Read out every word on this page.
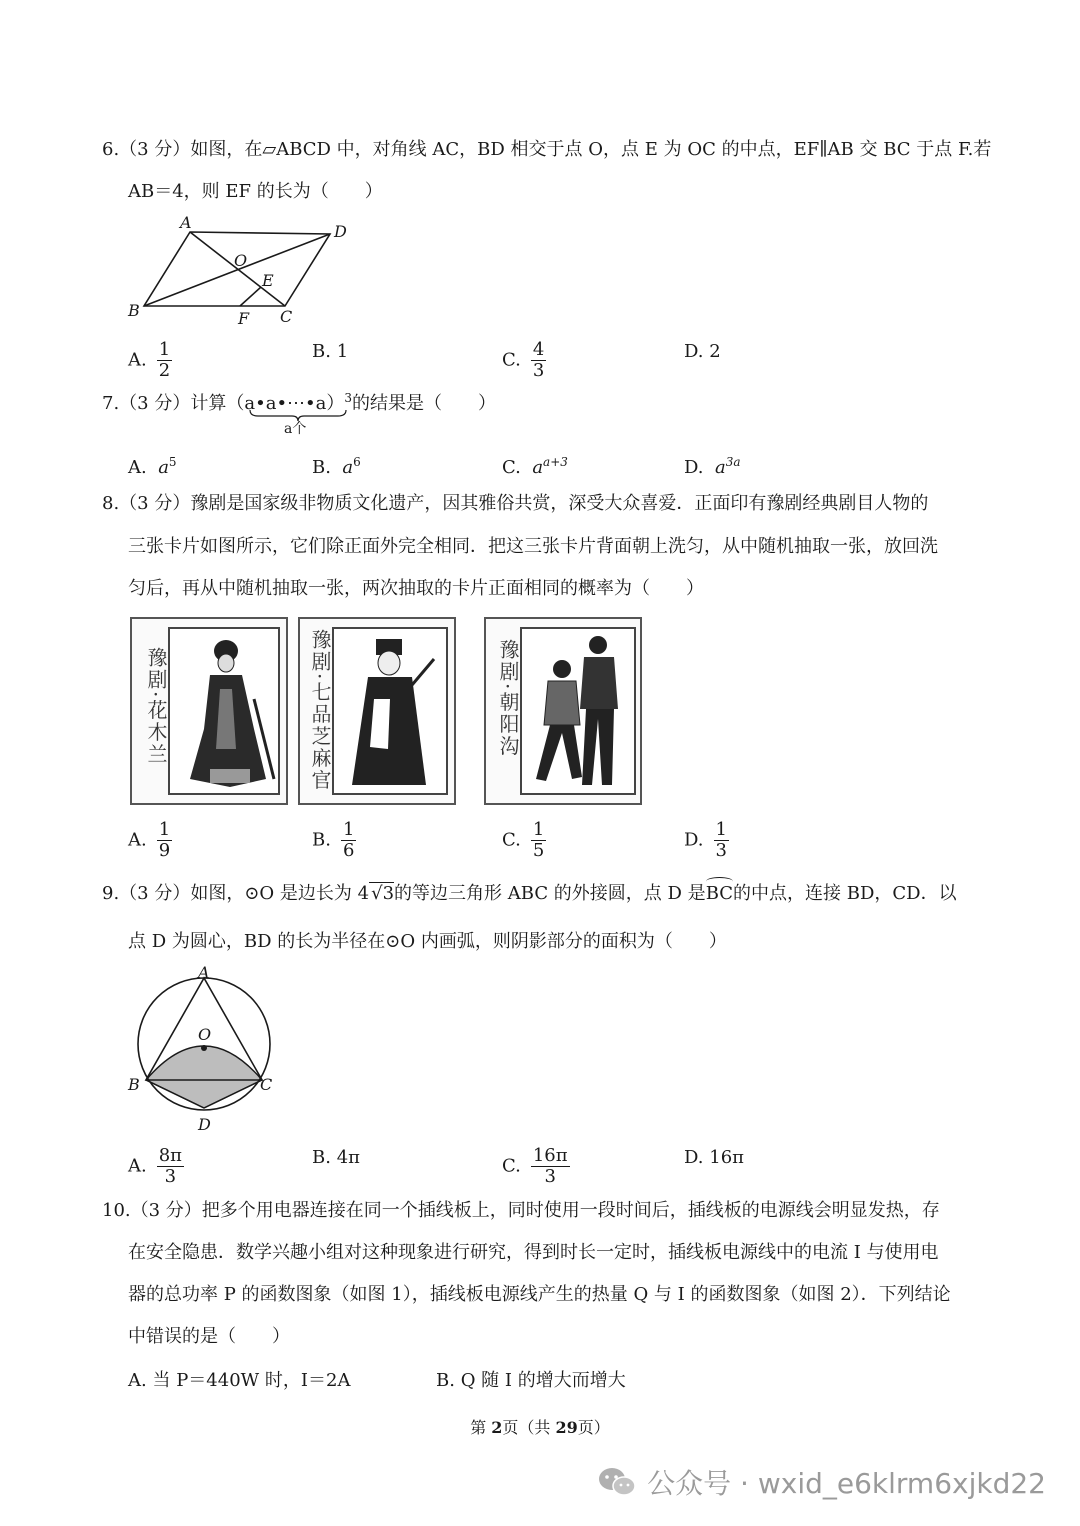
6.（3 分）如图，在▱ABCD 中，对角线 AC，BD 相交于点 O，点 E 为 OC 的中点，EF∥AB 交 BC 于点 F.若
AB＝4，则 EF 的长为（　　）
A	D
O
E
B	F C
A. $\frac{1}{2}$	B. 1	C. $\frac{4}{3}$	D. 2
7.（3 分）计算（a•a•⋯•a）$^3$的结果是（　　）
a个
A. $a^5$	B. $a^6$	C. $a^{a+3}$	D. $a^{3a}$
8.（3 分）豫剧是国家级非物质文化遗产，因其雅俗共赏，深受大众喜爱．正面印有豫剧经典剧目人物的
三张卡片如图所示，它们除正面外完全相同．把这三张卡片背面朝上洗匀，从中随机抽取一张，放回洗
匀后，再从中随机抽取一张，两次抽取的卡片正面相同的概率为（　　）
豫剧·花木兰	豫剧·七品芝麻官	豫剧·朝阳沟
A. $\frac{1}{9}$	B. $\frac{1}{6}$	C. $\frac{1}{5}$	D. $\frac{1}{3}$
9.（3 分）如图，⊙O 是边长为 4 √3的等边三角形 ABC 的外接圆，点 D 是
BC的中点，连接 BD，CD．以
点 D 为圆心，BD 的长为半径在⊙O 内画弧，则阴影部分的面积为（　　）
A
O
B	C
D
A. $\frac{8\pi}{3}$	B. 4π	C. $\frac{16\pi}{3}$	D. 16π
10.（3 分）把多个用电器连接在同一个插线板上，同时使用一段时间后，插线板的电源线会明显发热，存
在安全隐患．数学兴趣小组对这种现象进行研究，得到时长一定时，插线板电源线中的电流 I 与使用电
器的总功率 P 的函数图象（如图 1），插线板电源线产生的热量 Q 与 I 的函数图象（如图 2）．下列结论
中错误的是（　　）
A. 当 P＝440W 时，I＝2A	B. Q 随 I 的增大而增大
第 2页（共 29页）
公众号 · wxid_e6klrm6xjkd22
